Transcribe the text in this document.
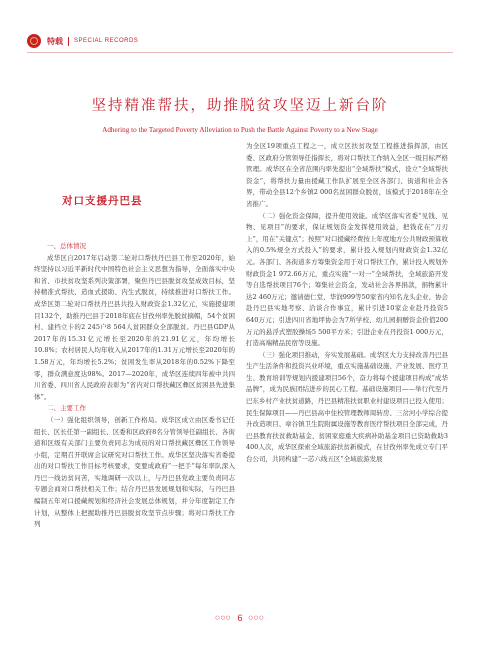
特载 SPECIAL RECORDS
坚持精准帮扶，助推脱贫攻坚迈上新台阶
Adhering to the Targeted Poverty Alleviation to Push the Battle Against Poverty to a New Stage
对口支援丹巴县

一、总体情况

成华区自2017年启动第二轮对口帮扶丹巴县工作至2020年，始终坚持以习近平新时代中国特色社会主义思想为指导，全面落实中央和省、市扶贫攻坚系列决策部署，聚焦丹巴县脱贫攻坚成效目标，坚持精准式帮扶、造血式援助、内生式脱贫，持续推进对口帮扶工作。成华区第二轮对口帮扶丹巴县共投入财政资金1.32亿元，实施援建项目132个，助推丹巴县于2018年底在甘孜州率先脱贫摘帽，54个贫困村、建档立卡的2 245户8 564人贫困群众全部脱贫。丹巴县GDP从2017年的15.31亿元增长至2020年的21.91亿元，年均增长10.8%；农村居民人均年收入从2017年的1.31万元增长至2020年的1.58万元，年均增长5.2%；贫困发生率从2018年的0.52%下降至零，群众满意度达98%。2017—2020年，成华区连续四年被中共四川省委、四川省人民政府表彰为“省内对口帮扶藏区彝区贫困县先进集体”。

二、主要工作

（一）强化组织领导，创新工作格局。成华区成立由区委书记任组长、区长任第一副组长、区委和区政府8名分管领导任副组长、各街道和区级有关部门主要负责同志为成员的对口帮扶藏区彝区工作领导小组，定期召开联席会议研究对口帮扶工作。成华区坚决落实省委提出的对口帮扶工作目标考核要求，变要成政府“一把手”每年率队深入丹巴一线访贫问苦，实地调研一次以上，与丹巴县党政主要负责同志专题会商对口帮扶相关工作；结合丹巴县发展规划和实际，与丹巴县编制五年对口援藏规划和经济社会发展总体规划，并分年度制定工作计划，从整体上把握助推丹巴县脱贫攻坚节点步骤；将对口帮扶工作列

为全区19项重点工程之一，成立区扶贫攻坚工程推进指挥部，由区委、区政府分管领导任指挥长，将对口帮扶工作纳入全区一级目标严格管理。成华区在全省范围内率先提出“全域帮扶”模式，设立“全域帮扶资金”，将帮扶力量由援藏工作队扩展至全区各部门、街道和社会各界，带动全县12个乡镇2 000名贫困群众脱贫，该模式于2018年在全省推广。

（二）强化资金保障，提升使用效能。成华区落实省委“见钱、见物、见项目”的要求，保证规划资金发挥使用效益，把钱花在“刀刃上”，用在“关键点”；按照“对口援藏经费按上年度地方公共财政预算收入的0.5%规全方式投入”的要求，累计投入规划内财政资金1.32亿元。各部门、各街道多方筹集资金用于对口帮扶工作，累计投入规划外财政资金1 972.66万元，重点实施“一对一”全域帮扶，全域旅游开发等自选帮扶项目76个；筹集社会资金，发动社会各界捐款，捐物累计达2 460万元；邀请德仁堂、华润999等50家省内知名龙头企业、协会赴丹巴县实地考察、洽谈合作事宜，累计引进10家企业赴丹投资5 640万元；引进四川省地坪协会为7所学校、幼儿园捐赠资金价值200万元的悬浮式塑胶操场5 500平方米；引进企业在丹投资1 000万元，打造高端精品民宿等设施。

（三）强化项目推动，夯实发展基础。成华区大力支持改善丹巴县生产生活条件和投资兴业环境，重点实施基础设施、产业发展、医疗卫生、教育培训等规划内援建项目56个，奋力将每个援建项目构成“成华品牌”，成为民族团结进步的民心工程。基础设施项目——举行代至丹巴东乡村产业扶贫道路，丹巴县精准扶贫职业村建设项目已投入使用；民生保障项目——丹巴县高中住校管理教师周转房、三岔河小学综合提升改造项目、章谷镇卫生院附属设施等教育医疗帮扶项目全部完成，丹巴县教育扶贫救助基金、贫困家庭重大疾病补助基金项目已资助救助3 400人次，成华区探索全域旅游扶贫新模式，在甘孜州率先成立专门平台公司，共同构建“一芯六线五区”全域旅游发展

○○○ 6 ○○○
